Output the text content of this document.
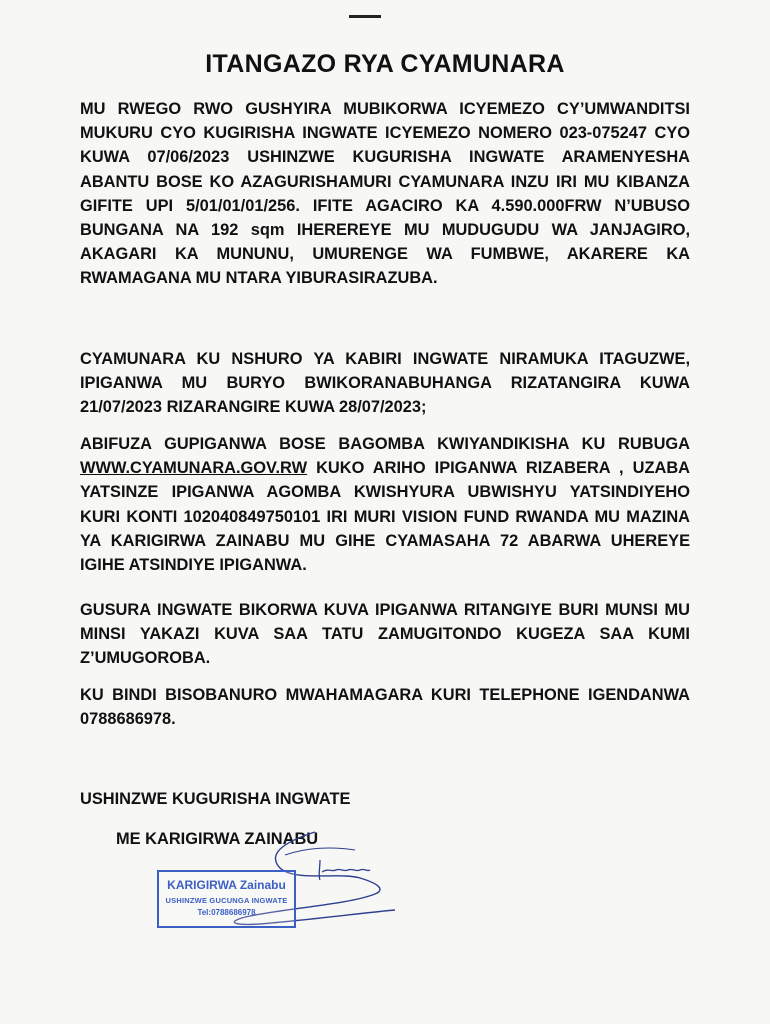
ITANGAZO RYA CYAMUNARA

MU RWEGO RWO GUSHYIRA MUBIKORWA ICYEMEZO CY’UMWANDITSI MUKURU CYO KUGIRISHA INGWATE ICYEMEZO NOMERO 023-075247 CYO KUWA 07/06/2023 USHINZWE KUGURISHA INGWATE ARAMENYESHA ABANTU BOSE KO AZAGURISHAMURI CYAMUNARA INZU IRI MU KIBANZA GIFITE UPI 5/01/01/01/256. IFITE AGACIRO KA 4.590.000FRW N’UBUSO BUNGANA NA 192 sqm IHEREREYE MU MUDUGUDU WA JANJAGIRO, AKAGARI KA MUNUNU, UMURENGE WA FUMBWE, AKARERE KA RWAMAGANA MU NTARA YIBURASIRAZUBA.

CYAMUNARA KU NSHURO YA KABIRI INGWATE NIRAMUKA ITAGUZWE, IPIGANWA MU BURYO BWIKORANABUHANGA RIZATANGIRA KUWA 21/07/2023 RIZARANGIRE KUWA 28/07/2023;

ABIFUZA GUPIGANWA BOSE BAGOMBA KWIYANDIKISHA KU RUBUGA WWW.CYAMUNARA.GOV.RW KUKO ARIHO IPIGANWA RIZABERA , UZABA YATSINZE IPIGANWA AGOMBA KWISHYURA UBWISHYU YATSINDIYEHO KURI KONTI 102040849750101 IRI MURI VISION FUND RWANDA MU MAZINA YA KARIGIRWA ZAINABU MU GIHE CYAMASAHA 72 ABARWA UHEREYE IGIHE ATSINDIYE IPIGANWA.

GUSURA INGWATE BIKORWA KUVA IPIGANWA RITANGIYE BURI MUNSI MU MINSI YAKAZI KUVA SAA TATU ZAMUGITONDO KUGEZA SAA KUMI Z’UMUGOROBA.

KU BINDI BISOBANURO MWAHAMAGARA KURI TELEPHONE IGENDANWA 0788686978.

USHINZWE KUGURISHA INGWATE
ME KARIGIRWA ZAINABU
KARIGIRWA Zainabu
USHINZWE GUCUNGA INGWATE
Tel:0788686978
